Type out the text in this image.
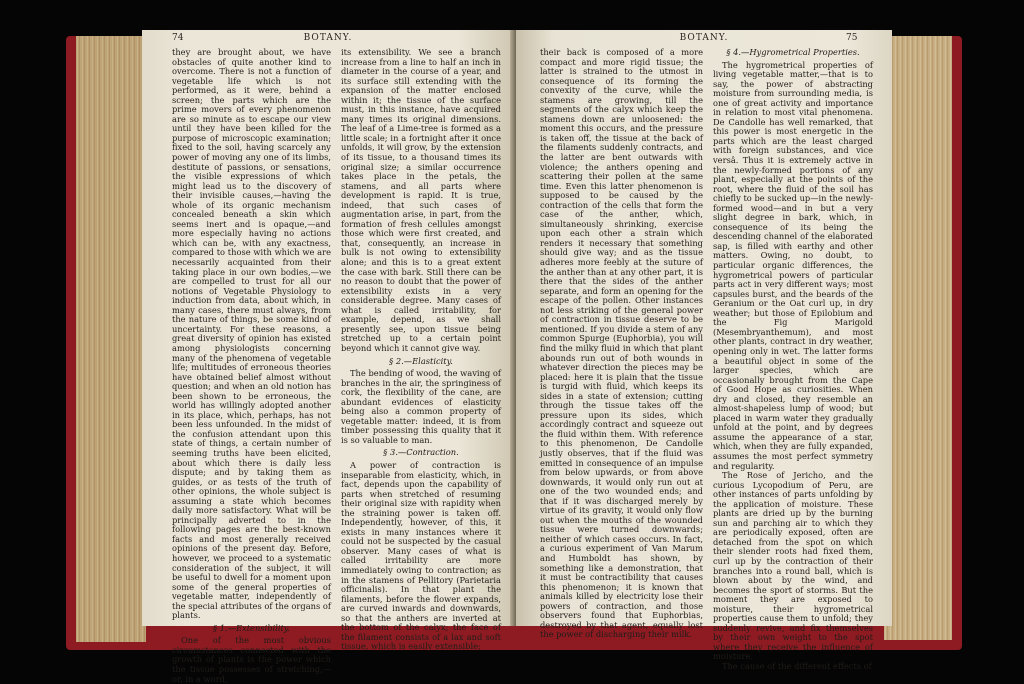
74	BOTANY.

they are brought about, we have obstacles of quite another kind to overcome. There is not a function of vegetable life which is not performed, as it were, behind a screen; the parts which are the prime movers of every phenomenon are so minute as to escape our view until they have been killed for the purpose of microscopic examination; fixed to the soil, having scarcely any power of moving any one of its limbs, destitute of passions, or sensations, the visible expressions of which might lead us to the discovery of their invisible causes,—having the whole of its organic mechanism concealed beneath a skin which seems inert and is opaque,—and more especially having no actions which can be, with any exactness, compared to those with which we are necessarily acquainted from their taking place in our own bodies,—we are compelled to trust for all our notions of Vegetable Physiology to induction from data, about which, in many cases, there must always, from the nature of things, be some kind of uncertainty. For these reasons, a great diversity of opinion has existed among physiologists concerning many of the phenomena of vegetable life; multitudes of erroneous theories have obtained belief almost without question; and when an old notion has been shown to be erroneous, the world has willingly adopted another in its place, which, perhaps, has not been less unfounded. In the midst of the confusion attendant upon this state of things, a certain number of seeming truths have been elicited, about which there is daily less dispute; and by taking them as guides, or as tests of the truth of other opinions, the whole subject is assuming a state which becomes daily more satisfactory. What will be principally adverted to in the following pages are the best-known facts and most generally received opinions of the present day. Before, however, we proceed to a systematic consideration of the subject, it will be useful to dwell for a moment upon some of the general properties of vegetable matter, independently of the special attributes of the organs of plants.

§ 1.—Extensibility.

One of the most obvious circumstances connected with the growth of plants is the power which the tissue possesses of stretching,—or, in a word,

its extensibility. We see a branch increase from a line to half an inch in diameter in the course of a year, and its surface still extending with the expansion of the matter enclosed within it; the tissue of the surface must, in this instance, have acquired many times its original dimensions. The leaf of a Lime-tree is formed as a little scale; in a fortnight after it once unfolds, it will grow, by the extension of its tissue, to a thousand times its original size; a similar occurrence takes place in the petals, the stamens, and all parts where development is rapid. It is true, indeed, that such cases of augmentation arise, in part, from the formation of fresh cellules amongst those which were first created, and that, consequently, an increase in bulk is not owing to extensibility alone; and this is to a great extent the case with bark. Still there can be no reason to doubt that the power of extensibility exists in a very considerable degree. Many cases of what is called irritability, for example, depend, as we shall presently see, upon tissue being stretched up to a certain point beyond which it cannot give way.

§ 2.—Elasticity.

The bending of wood, the waving of branches in the air, the springiness of cork, the flexibility of the cane, are abundant evidences of elasticity being also a common property of vegetable matter: indeed, it is from timber possessing this quality that it is so valuable to man.

§ 3.—Contraction.

A power of contraction is inseparable from elasticity, which, in fact, depends upon the capability of parts when stretched of resuming their original size with rapidity when the straining power is taken off. Independently, however, of this, it exists in many instances where it could not be suspected by the casual observer. Many cases of what is called irritability are more immediately owing to contraction; as in the stamens of Pellitory (Parietaria officinalis). In that plant the filaments, before the flower expands, are curved inwards and downwards, so that the anthers are inverted at the bottom of the calyx; the face of the filament consists of a lax and soft tissue, which is easily extensible;

BOTANY.	75

their back is composed of a more compact and more rigid tissue; the latter is strained to the utmost in consequence of its forming the convexity of the curve, while the stamens are growing, till the segments of the calyx which keep the stamens down are unloosened: the moment this occurs, and the pressure is taken off, the tissue at the back of the filaments suddenly contracts, and the latter are bent outwards with violence; the anthers opening and scattering their pollen at the same time. Even this latter phenomenon is supposed to be caused by the contraction of the cells that form the case of the anther, which, simultaneously shrinking, exercise upon each other a strain which renders it necessary that something should give way; and as the tissue adheres more feebly at the suture of the anther than at any other part, it is there that the sides of the anther separate, and form an opening for the escape of the pollen. Other instances not less striking of the general power of contraction in tissue deserve to be mentioned. If you divide a stem of any common Spurge (Euphorbia), you will find the milky fluid in which that plant abounds run out of both wounds in whatever direction the pieces may be placed: here it is plain that the tissue is turgid with fluid, which keeps its sides in a state of extension; cutting through the tissue takes off the pressure upon its sides, which accordingly contract and squeeze out the fluid within them. With reference to this phenomenon, De Candolle justly observes, that if the fluid was emitted in consequence of an impulse from below upwards, or from above downwards, it would only run out at one of the two wounded ends; and that if it was discharged merely by virtue of its gravity, it would only flow out when the mouths of the wounded tissue were turned downwards; neither of which cases occurs. In fact, a curious experiment of Van Marum and Humboldt has shown, by something like a demonstration, that it must be contractibility that causes this phenomenon; it is known that animals killed by electricity lose their powers of contraction, and those observers found that Euphorbias, destroyed by that agent, equally lost the power of discharging their milk.

§ 4.—Hygrometrical Properties.

The hygrometrical properties of living vegetable matter,—that is to say, the power of abstracting moisture from surrounding media, is one of great activity and importance in relation to most vital phenomena. De Candolle has well remarked, that this power is most energetic in the parts which are the least charged with foreign substances, and vice versâ. Thus it is extremely active in the newly-formed portions of any plant, especially at the points of the root, where the fluid of the soil has chiefly to be sucked up—in the newly-formed wood—and in but a very slight degree in bark, which, in consequence of its being the descending channel of the elaborated sap, is filled with earthy and other matters. Owing, no doubt, to particular organic differences, the hygrometrical powers of particular parts act in very different ways; most capsules burst, and the beards of the Geranium or the Oat curl up, in dry weather; but those of Epilobium and the Fig Marigold (Mesembryanthemum), and most other plants, contract in dry weather, opening only in wet. The latter forms a beautiful object in some of the larger species, which are occasionally brought from the Cape of Good Hope as curiosities. When dry and closed, they resemble an almost-shapeless lump of wood; but placed in warm water they gradually unfold at the point, and by degrees assume the appearance of a star, which, when they are fully expanded, assumes the most perfect symmetry and regularity.

The Rose of Jericho, and the curious Lycopodium of Peru, are other instances of parts unfolding by the application of moisture. These plants are dried up by the burning sun and parching air to which they are periodically exposed, often are detached from the spot on which their slender roots had fixed them, curl up by the contraction of their branches into a round ball, which is blown about by the wind, and becomes the sport of storms. But the moment they are exposed to moisture, their hygrometrical properties cause them to unfold; they suddenly revive, and fix themselves by their own weight to the spot where they receive the influence of moisture.

The cause of the different effects of
